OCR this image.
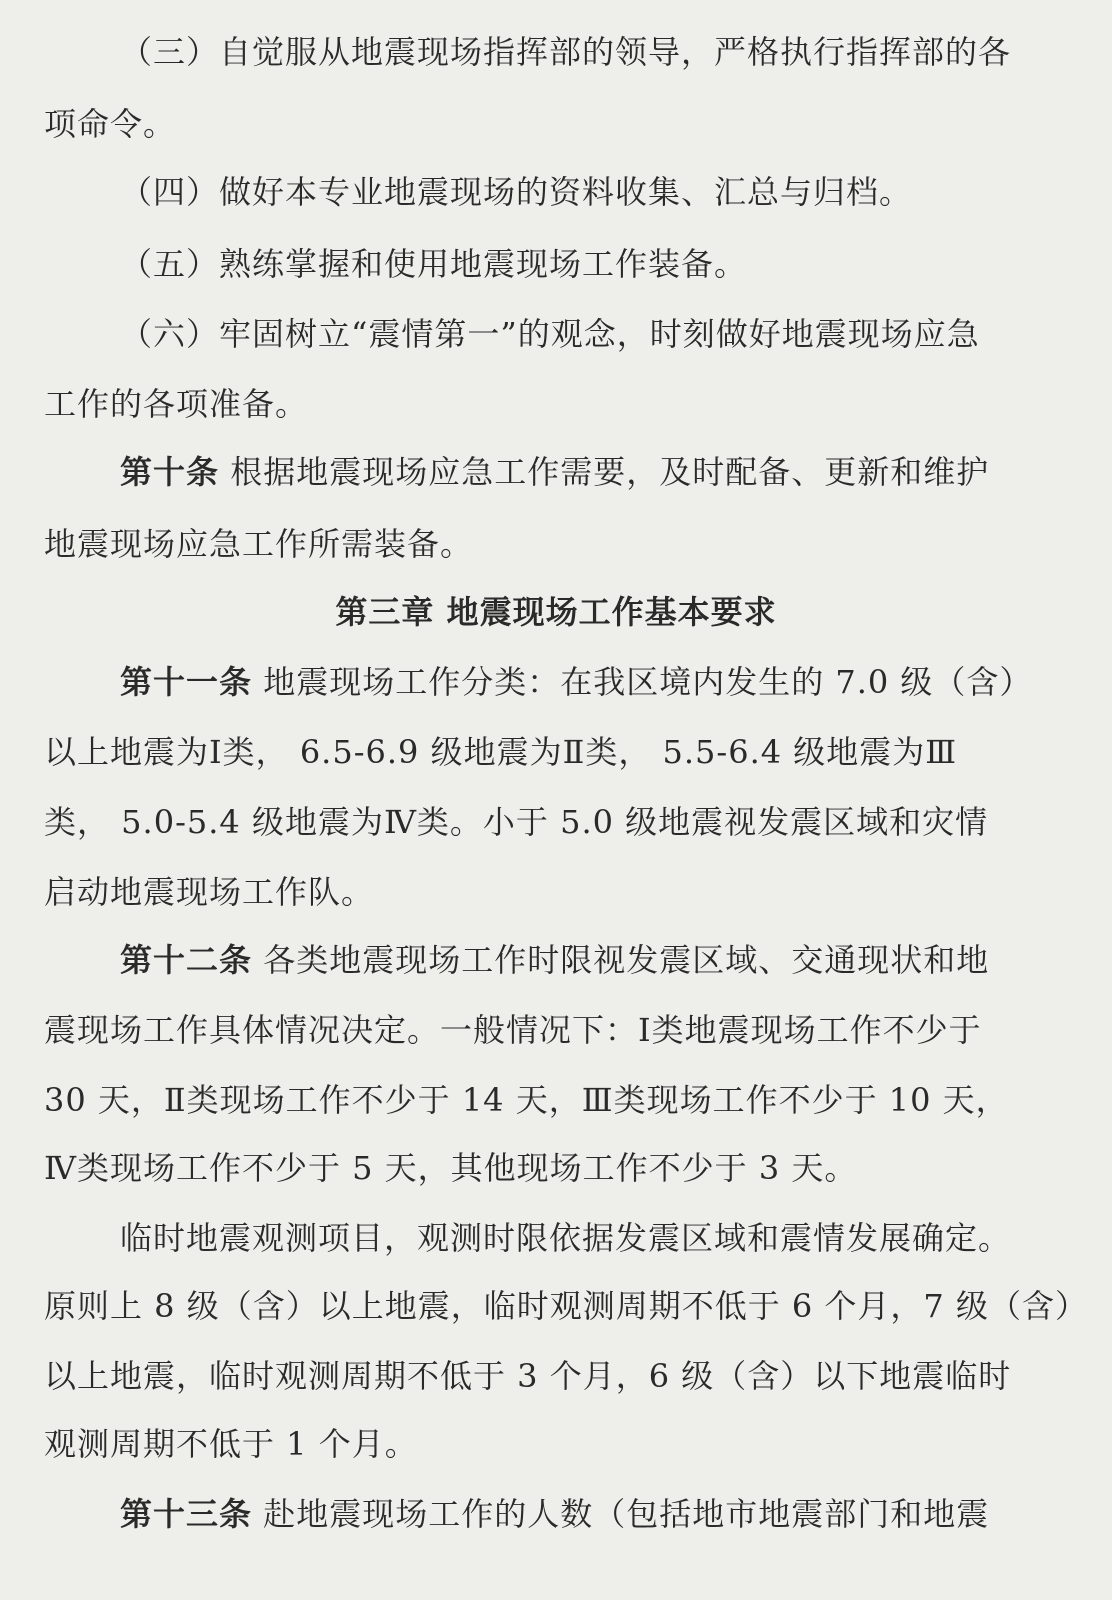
（三）自觉服从地震现场指挥部的领导，严格执行指挥部的各
项命令。
（四）做好本专业地震现场的资料收集、汇总与归档。
（五）熟练掌握和使用地震现场工作装备。
（六）牢固树立“震情第一”的观念，时刻做好地震现场应急
工作的各项准备。
第十条 根据地震现场应急工作需要，及时配备、更新和维护
地震现场应急工作所需装备。
第三章 地震现场工作基本要求
第十一条 地震现场工作分类：在我区境内发生的 7.0 级（含）
以上地震为Ⅰ类， 6.5-6.9 级地震为Ⅱ类， 5.5-6.4 级地震为Ⅲ
类， 5.0-5.4 级地震为Ⅳ类。小于 5.0 级地震视发震区域和灾情
启动地震现场工作队。
第十二条 各类地震现场工作时限视发震区域、交通现状和地
震现场工作具体情况决定。一般情况下：Ⅰ类地震现场工作不少于
30 天，Ⅱ类现场工作不少于 14 天，Ⅲ类现场工作不少于 10 天，
Ⅳ类现场工作不少于 5 天，其他现场工作不少于 3 天。
临时地震观测项目，观测时限依据发震区域和震情发展确定。
原则上 8 级（含）以上地震，临时观测周期不低于 6 个月，7 级（含）
以上地震，临时观测周期不低于 3 个月，6 级（含）以下地震临时
观测周期不低于 1 个月。
第十三条 赴地震现场工作的人数（包括地市地震部门和地震
